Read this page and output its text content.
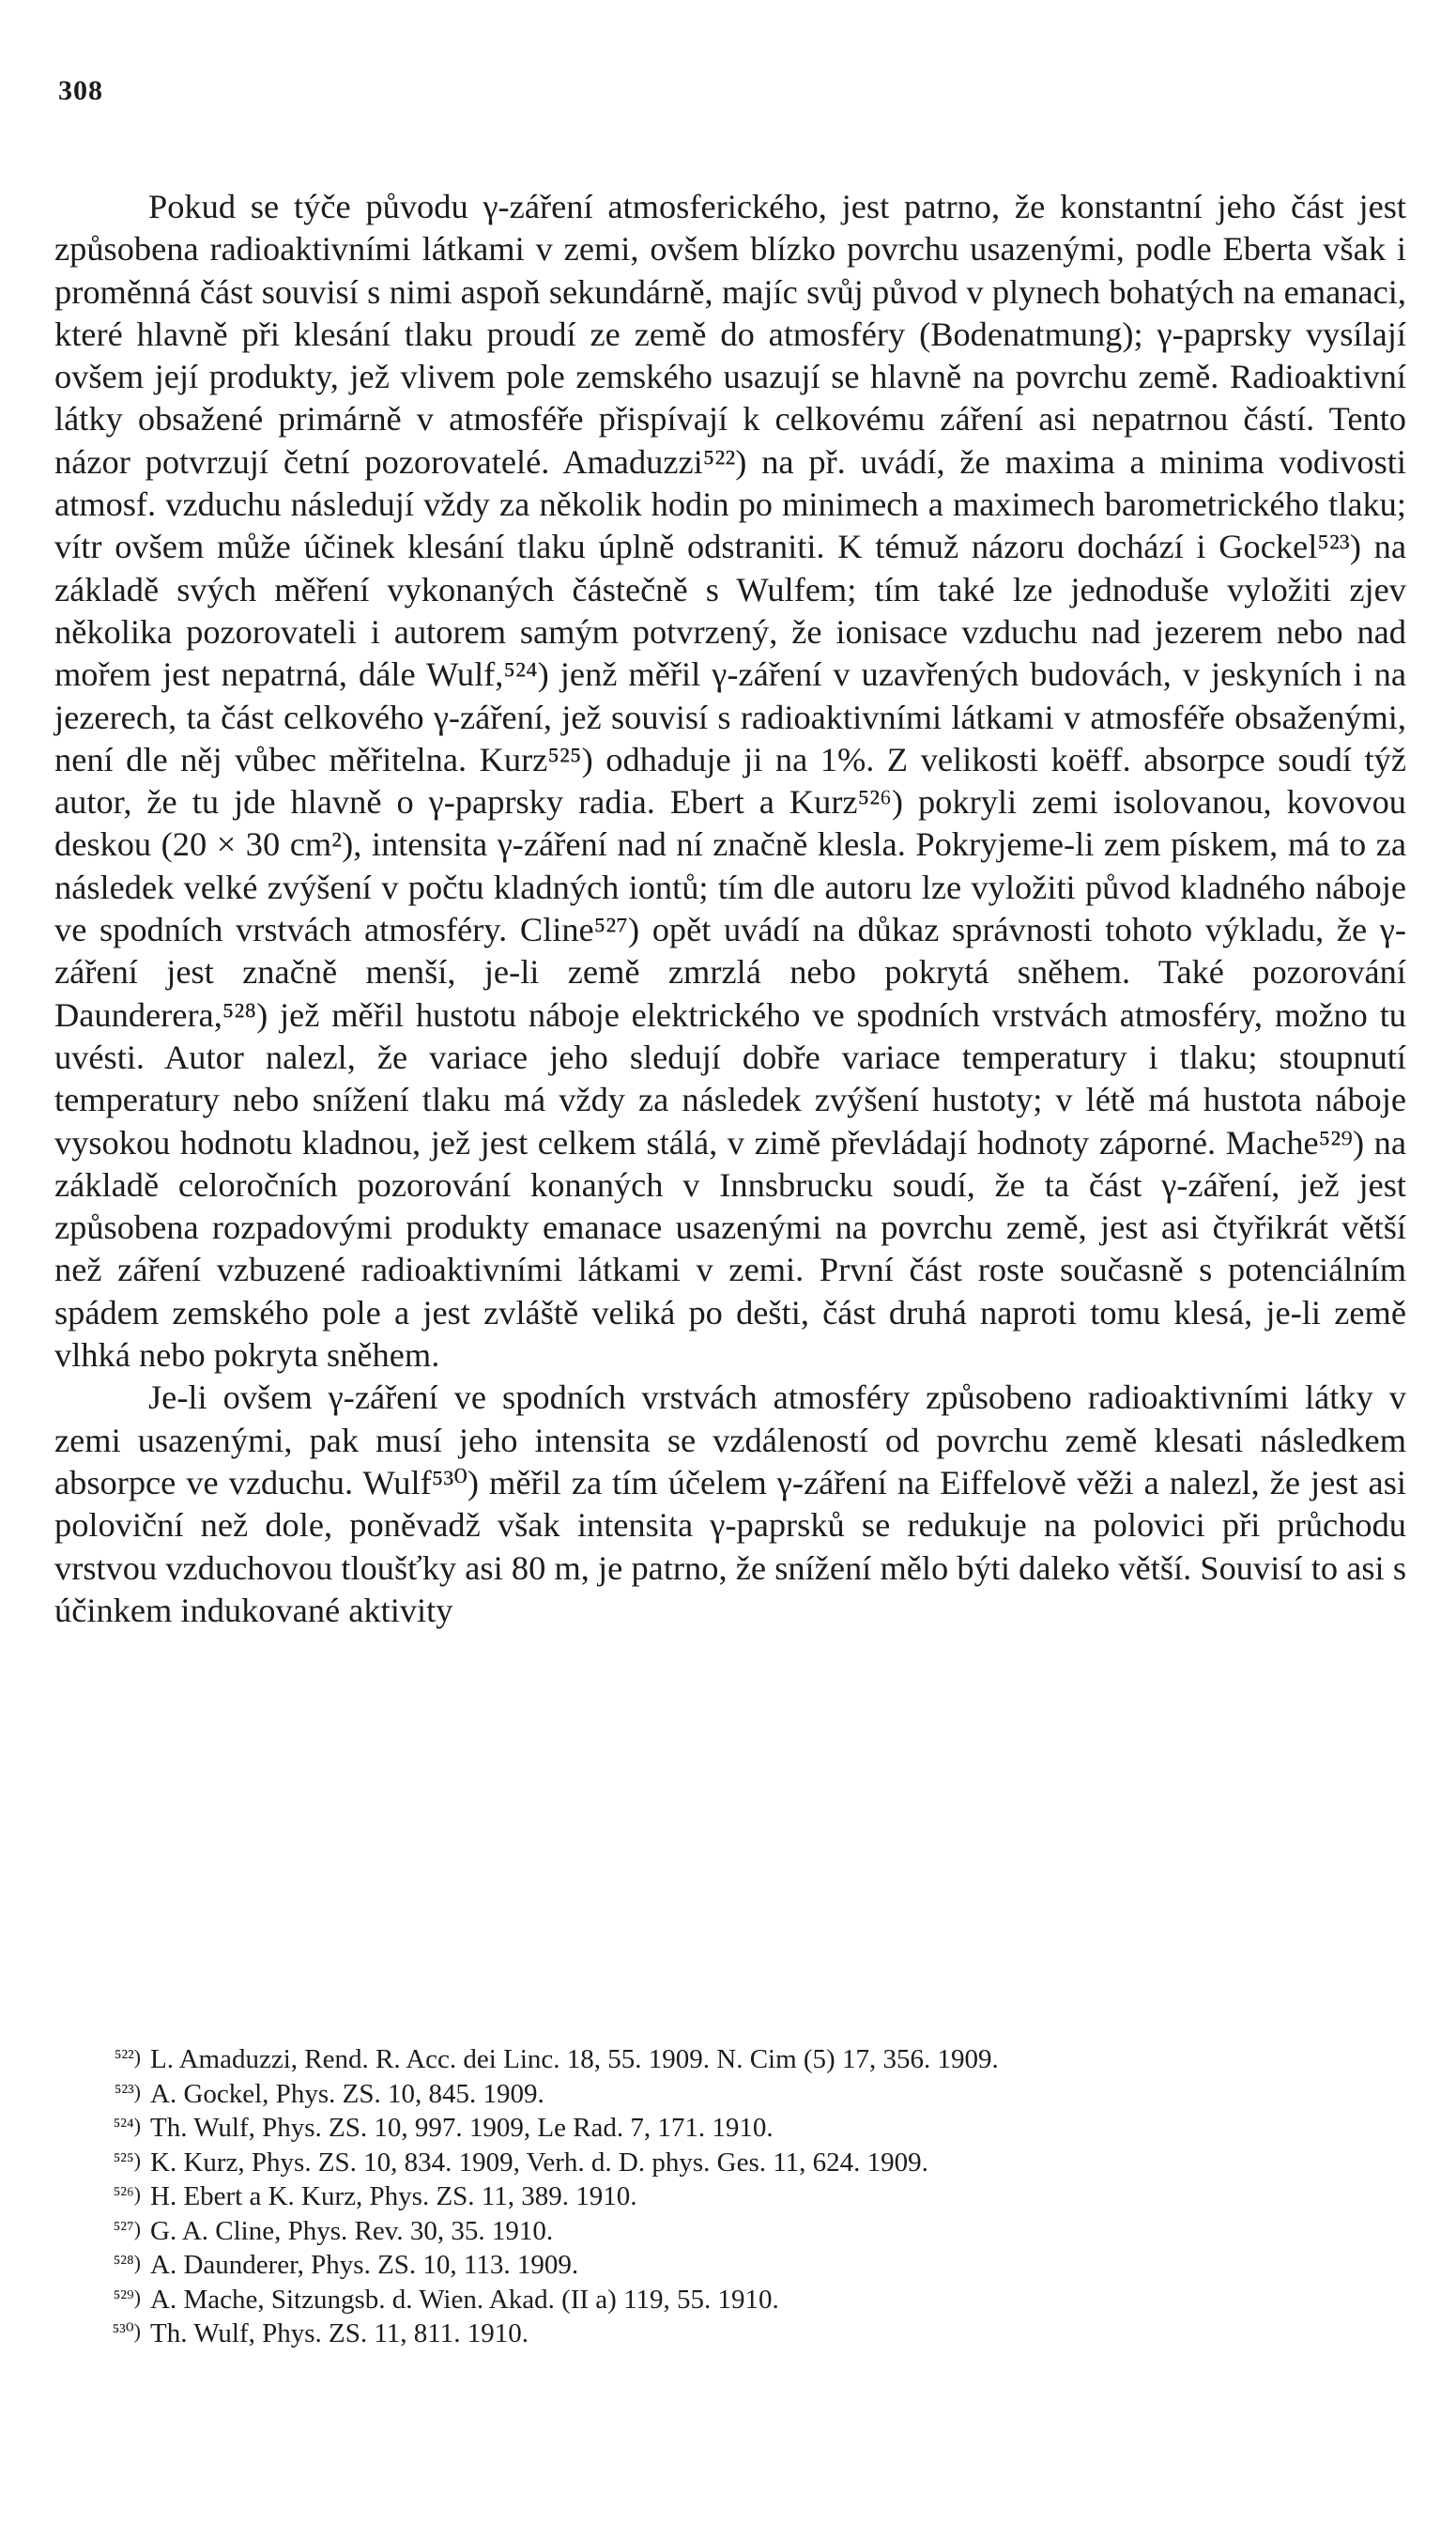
308

Pokud se týče původu γ-záření atmosferického, jest patrno, že konstantní jeho část jest způsobena radioaktivními látkami v zemi, ovšem blízko povrchu usazenými, podle Eberta však i proměnná část souvisí s nimi aspoň sekundárně, majíc svůj původ v plynech bohatých na emanaci, které hlavně při klesání tlaku proudí ze země do atmosféry (Bodenatmung); γ-paprsky vysílají ovšem její produkty, jež vlivem pole zemského usazují se hlavně na povrchu země. Radioaktivní látky obsažené primárně v atmosféře přispívají k celkovému záření asi nepatrnou částí. Tento názor potvrzují četní pozorovatelé. Amaduzzi⁵²²) na př. uvádí, že maxima a minima vodivosti atmosf. vzduchu následují vždy za několik hodin po minimech a maximech barometrického tlaku; vítr ovšem může účinek klesání tlaku úplně odstraniti. K témuž názoru dochází i Gockel⁵²³) na základě svých měření vykonaných částečně s Wulfem; tím také lze jednoduše vyložiti zjev několika pozorovateli i autorem samým potvrzený, že ionisace vzduchu nad jezerem nebo nad mořem jest nepatrná, dále Wulf,⁵²⁴) jenž měřil γ-záření v uzavřených budovách, v jeskyních i na jezerech, ta část celkového γ-záření, jež souvisí s radioaktivními látkami v atmosféře obsaženými, není dle něj vůbec měřitelna. Kurz⁵²⁵) odhaduje ji na 1%. Z velikosti koëff. absorpce soudí týž autor, že tu jde hlavně o γ-paprsky radia. Ebert a Kurz⁵²⁶) pokryli zemi isolovanou, kovovou deskou (20 × 30 cm²), intensita γ-záření nad ní značně klesla. Pokryjeme-li zem pískem, má to za následek velké zvýšení v počtu kladných iontů; tím dle autoru lze vyložiti původ kladného náboje ve spodních vrstvách atmosféry. Cline⁵²⁷) opět uvádí na důkaz správnosti tohoto výkladu, že γ-záření jest značně menší, je-li země zmrzlá nebo pokrytá sněhem. Také pozorování Daunderera,⁵²⁸) jež měřil hustotu náboje elektrického ve spodních vrstvách atmosféry, možno tu uvésti. Autor nalezl, že variace jeho sledují dobře variace temperatury i tlaku; stoupnutí temperatury nebo snížení tlaku má vždy za následek zvýšení hustoty; v létě má hustota náboje vysokou hodnotu kladnou, jež jest celkem stálá, v zimě převládají hodnoty záporné. Mache⁵²⁹) na základě celoročních pozorování konaných v Innsbrucku soudí, že ta část γ-záření, jež jest způsobena rozpadovými produkty emanace usazenými na povrchu země, jest asi čtyřikrát větší než záření vzbuzené radioaktivními látkami v zemi. První část roste současně s potenciálním spádem zemského pole a jest zvláště veliká po dešti, část druhá naproti tomu klesá, je-li země vlhká nebo pokryta sněhem.

Je-li ovšem γ-záření ve spodních vrstvách atmosféry způsobeno radioaktivními látky v zemi usazenými, pak musí jeho intensita se vzdáleností od povrchu země klesati následkem absorpce ve vzduchu. Wulf⁵³⁰) měřil za tím účelem γ-záření na Eiffelově věži a nalezl, že jest asi poloviční než dole, poněvadž však intensita γ-paprsků se redukuje na polovici při průchodu vrstvou vzduchovou tloušťky asi 80 m, je patrno, že snížení mělo býti daleko větší. Souvisí to asi s účinkem indukované aktivity

⁵²²) L. Amaduzzi, Rend. R. Acc. dei Linc. 18, 55. 1909. N. Cim (5) 17, 356. 1909.
⁵²³) A. Gockel, Phys. ZS. 10, 845. 1909.
⁵²⁴) Th. Wulf, Phys. ZS. 10, 997. 1909, Le Rad. 7, 171. 1910.
⁵²⁵) K. Kurz, Phys. ZS. 10, 834. 1909, Verh. d. D. phys. Ges. 11, 624. 1909.
⁵²⁶) H. Ebert a K. Kurz, Phys. ZS. 11, 389. 1910.
⁵²⁷) G. A. Cline, Phys. Rev. 30, 35. 1910.
⁵²⁸) A. Daunderer, Phys. ZS. 10, 113. 1909.
⁵²⁹) A. Mache, Sitzungsb. d. Wien. Akad. (II a) 119, 55. 1910.
⁵³⁰) Th. Wulf, Phys. ZS. 11, 811. 1910.
